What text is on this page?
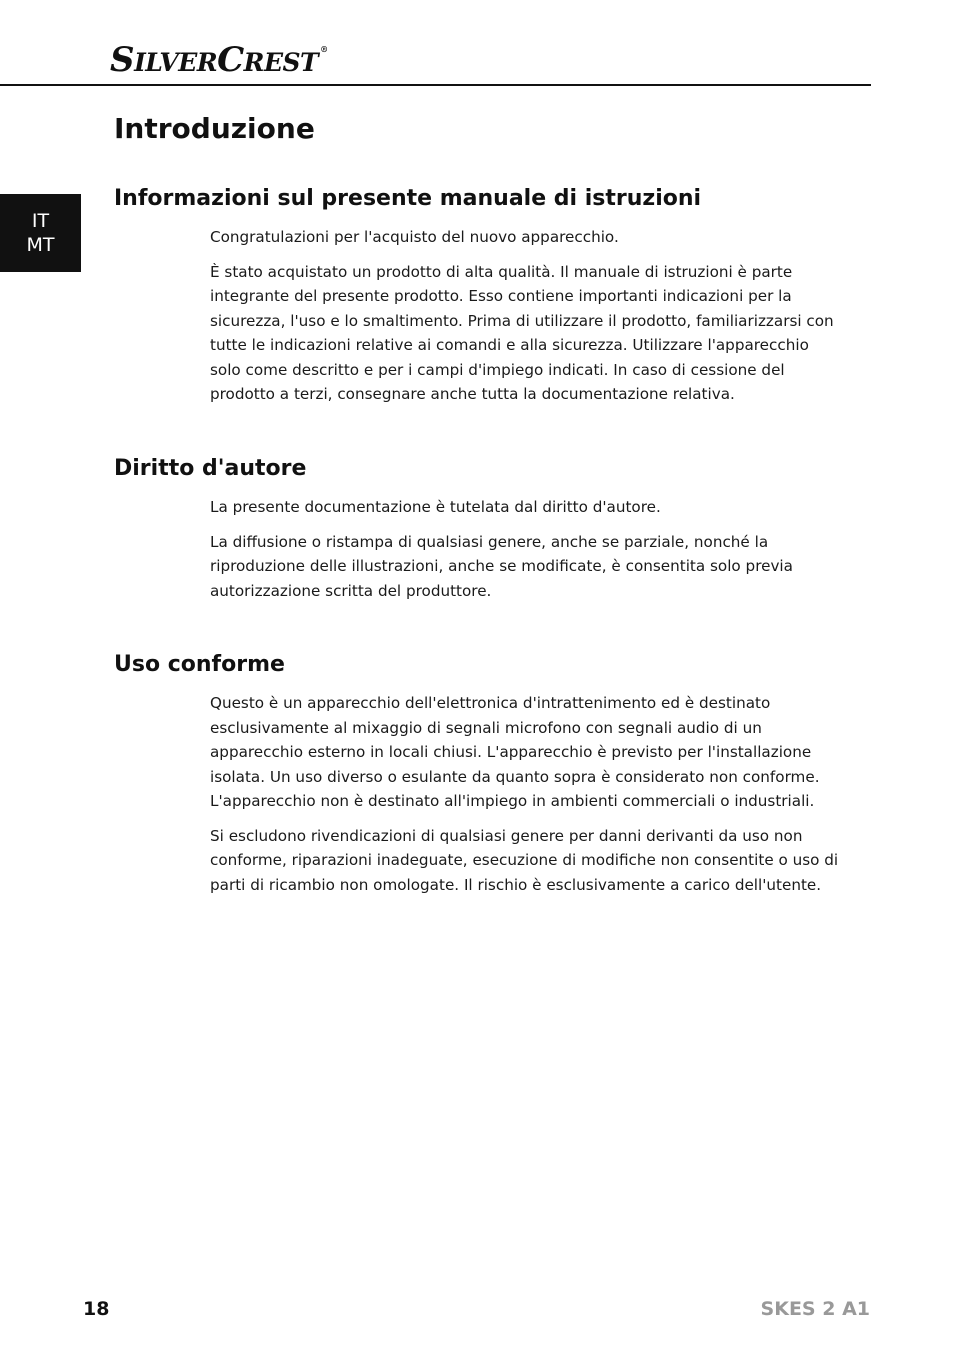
SILVERCREST ®
IT
MT
Introduzione
Informazioni sul presente manuale di istruzioni

Congratulazioni per l'acquisto del nuovo apparecchio.

È stato acquistato un prodotto di alta qualità. Il manuale di istruzioni è parte integrante del presente prodotto. Esso contiene importanti indicazioni per la sicurezza, l'uso e lo smaltimento. Prima di utilizzare il prodotto, familiarizzarsi con tutte le indicazioni relative ai comandi e alla sicurezza. Utilizzare l'apparecchio solo come descritto e per i campi d'impiego indicati. In caso di cessione del prodotto a terzi, consegnare anche tutta la documentazione relativa.

Diritto d'autore

La presente documentazione è tutelata dal diritto d'autore.

La diffusione o ristampa di qualsiasi genere, anche se parziale, nonché la riproduzione delle illustrazioni, anche se modificate, è consentita solo previa autorizzazione scritta del produttore.

Uso conforme

Questo è un apparecchio dell'elettronica d'intrattenimento ed è destinato esclusivamente al mixaggio di segnali microfono con segnali audio di un apparecchio esterno in locali chiusi. L'apparecchio è previsto per l'installazione isolata. Un uso diverso o esulante da quanto sopra è considerato non conforme. L'apparecchio non è destinato all'impiego in ambienti commerciali o industriali.

Si escludono rivendicazioni di qualsiasi genere per danni derivanti da uso non conforme, riparazioni inadeguate, esecuzione di modifiche non consentite o uso di parti di ricambio non omologate. Il rischio è esclusivamente a carico dell'utente.

18	SKES 2 A1
